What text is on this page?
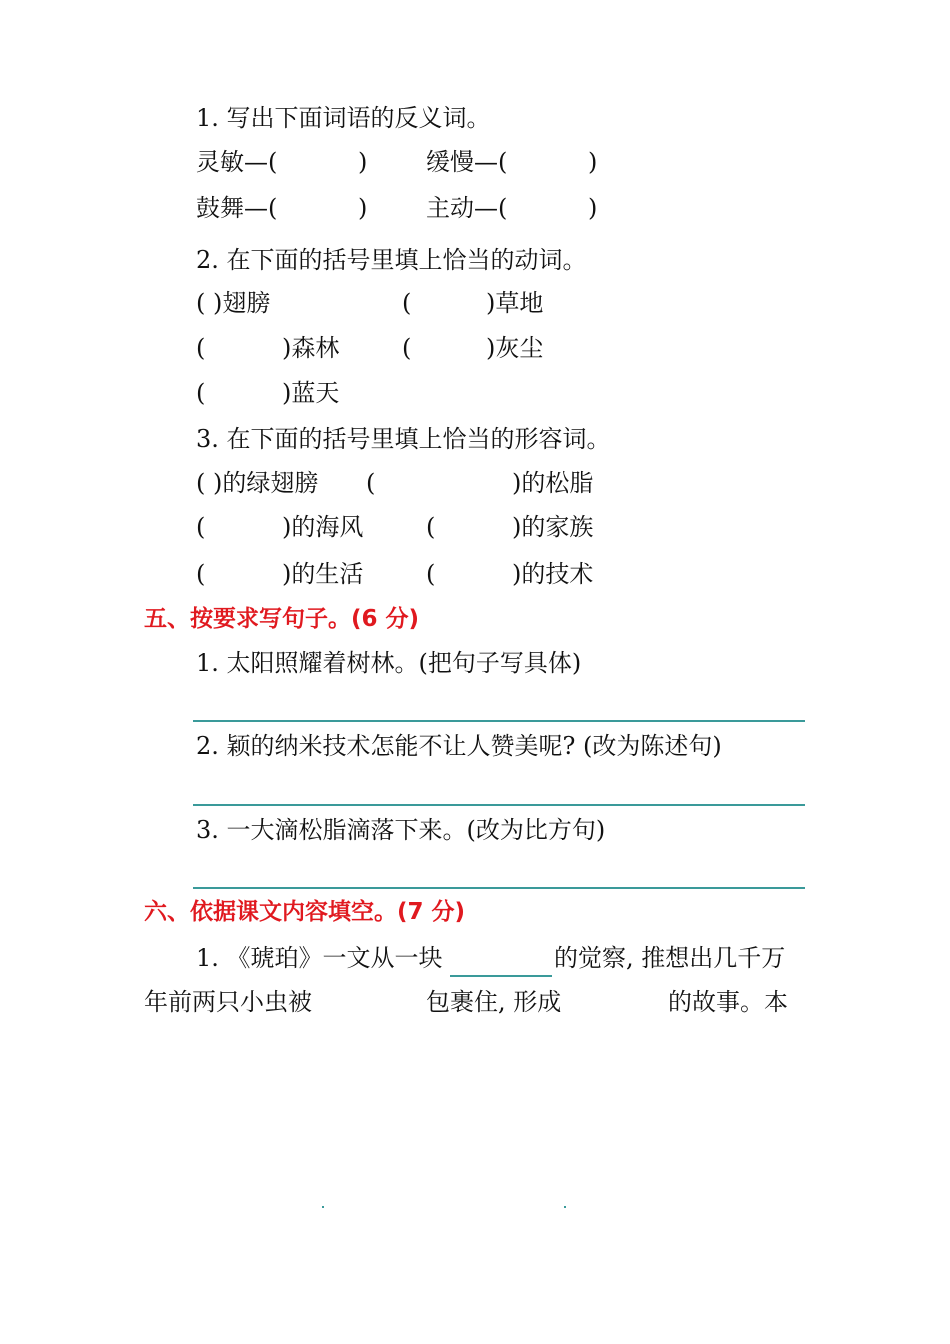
1. 写出下面词语的反义词。
灵敏—(	) 缓慢—(	)
鼓舞—(	) 主动—(	)
2. 在下面的括号里填上恰当的动词。
( )翅膀	(	)草地
(	)森林	(	)灰尘
(	)蓝天
3. 在下面的括号里填上恰当的形容词。
( )的绿翅膀 (	)的松脂
(	)的海风	(	)的家族
(	)的生活	(	)的技术
五、按要求写句子。(6 分)
1. 太阳照耀着树林。(把句子写具体)
2. 颖的纳米技术怎能不让人赞美呢? (改为陈述句)
3. 一大滴松脂滴落下来。(改为比方句)
六、依据课文内容填空。(7 分)
1. 《琥珀》一文从一块	的觉察, 推想出几千万
年前两只小虫被	包裹住, 形成	的故事。本
